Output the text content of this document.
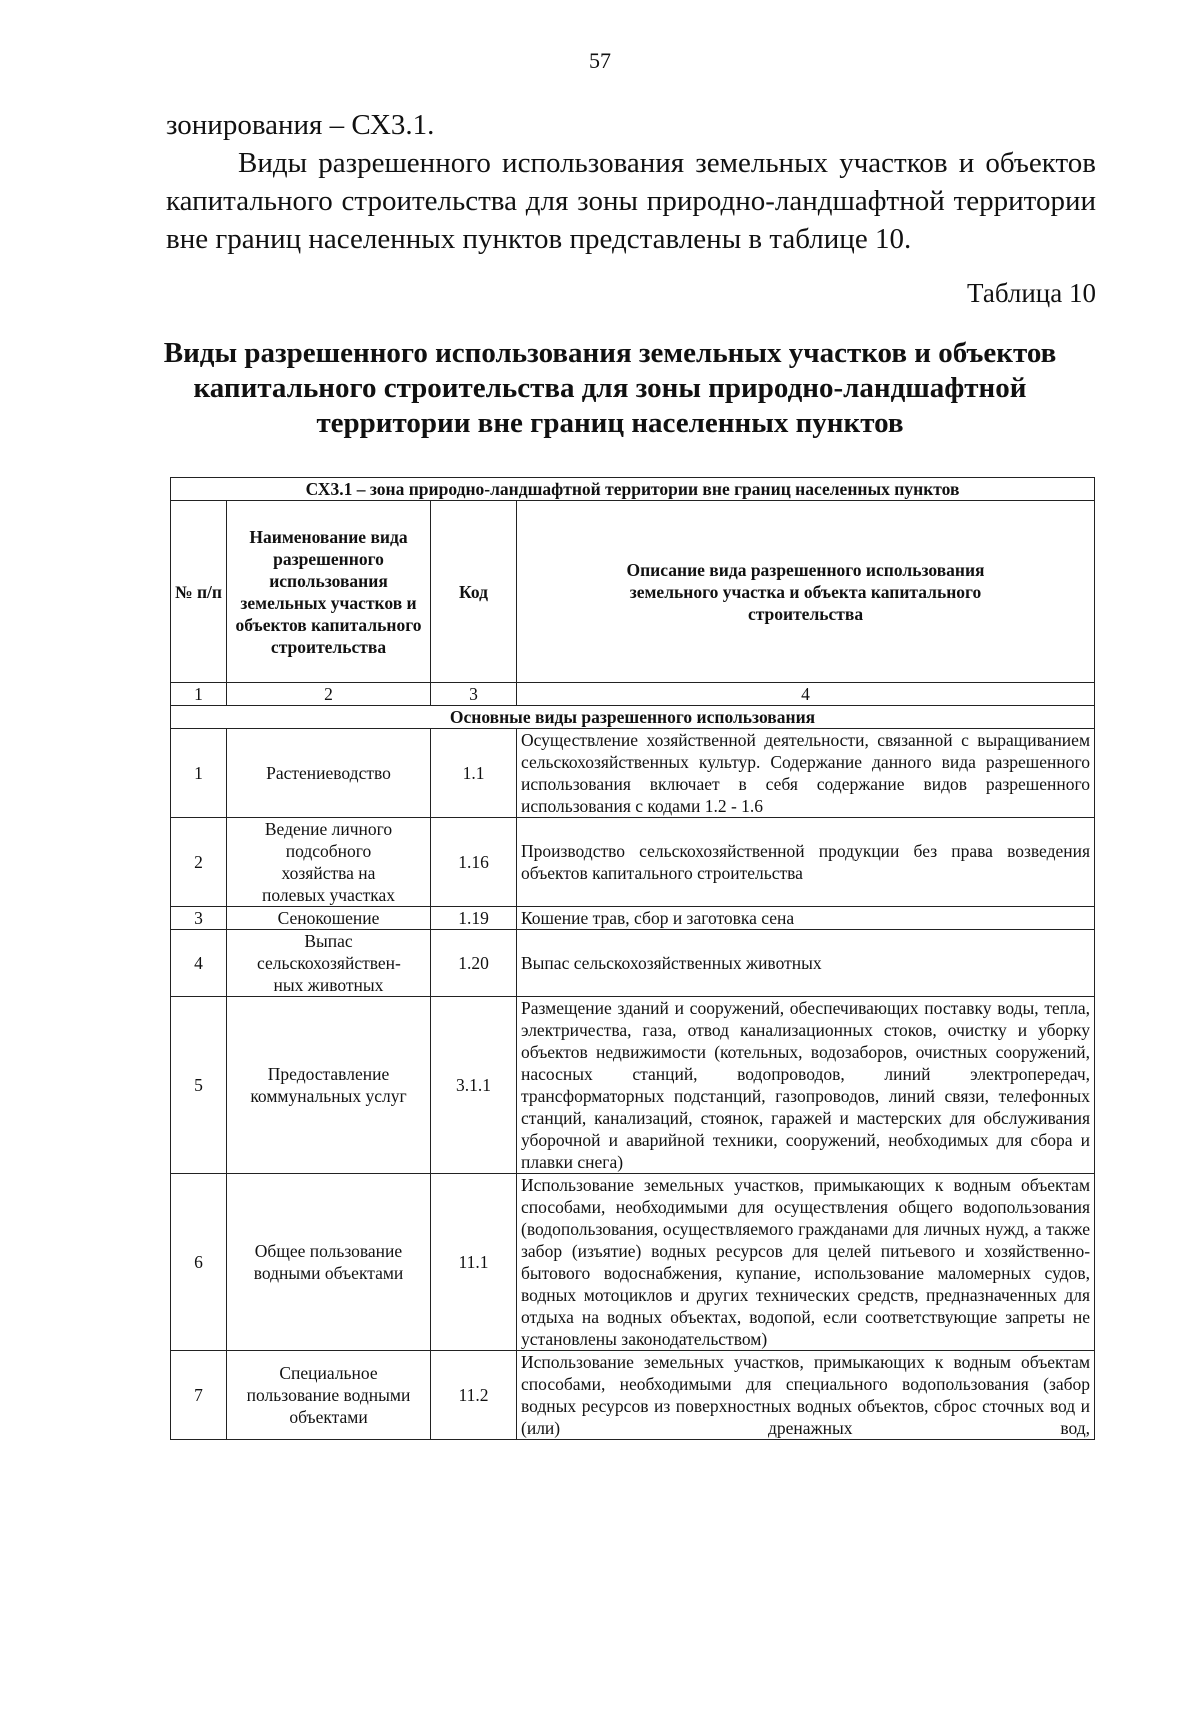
57
зонирования – СХ3.1.
Виды разрешенного использования земельных участков и объектов капитального строительства для зоны природно-ландшафтной территории вне границ населенных пунктов представлены в таблице 10.
Таблица 10
Виды разрешенного использования земельных участков и объектов капитального строительства для зоны природно-ландшафтной территории вне границ населенных пунктов
СХ3.1 – зона природно-ландшафтной территории вне границ населенных пунктов			
№ п/п	Наименование вида разрешенного использования земельных участков и объектов капитального строительства	Код	Описание вида разрешенного использования земельного участка и объекта капитального строительства
1	2	3	4
Основные виды разрешенного использования			
1	Растениеводство	1.1	Осуществление хозяйственной деятельности, связанной с выращиванием сельскохозяйственных культур. Содержание данного вида разрешенного использования включает в себя содержание видов разрешенного использования с кодами 1.2 - 1.6
2	Ведение личного подсобного хозяйства на полевых участках	1.16	Производство сельскохозяйственной продукции без права возведения объектов капитального строительства
3	Сенокошение	1.19	Кошение трав, сбор и заготовка сена
4	Выпас сельскохозяйствен-ных животных	1.20	Выпас сельскохозяйственных животных
5	Предоставление коммунальных услуг	3.1.1	Размещение зданий и сооружений, обеспечивающих поставку воды, тепла, электричества, газа, отвод канализационных стоков, очистку и уборку объектов недвижимости (котельных, водозаборов, очистных сооружений, насосных станций, водопроводов, линий электропередач, трансформаторных подстанций, газопроводов, линий связи, телефонных станций, канализаций, стоянок, гаражей и мастерских для обслуживания уборочной и аварийной техники, сооружений, необходимых для сбора и плавки снега)
6	Общее пользование водными объектами	11.1	Использование земельных участков, примыкающих к водным объектам способами, необходимыми для осуществления общего водопользования (водопользования, осуществляемого гражданами для личных нужд, а также забор (изъятие) водных ресурсов для целей питьевого и хозяйственно-бытового водоснабжения, купание, использование маломерных судов, водных мотоциклов и других технических средств, предназначенных для отдыха на водных объектах, водопой, если соответствующие запреты не установлены законодательством)
7	Специальное пользование водными объектами	11.2	Использование земельных участков, примыкающих к водным объектам способами, необходимыми для специального водопользования (забор водных ресурсов из поверхностных водных объектов, сброс сточных вод и (или) дренажных вод,
